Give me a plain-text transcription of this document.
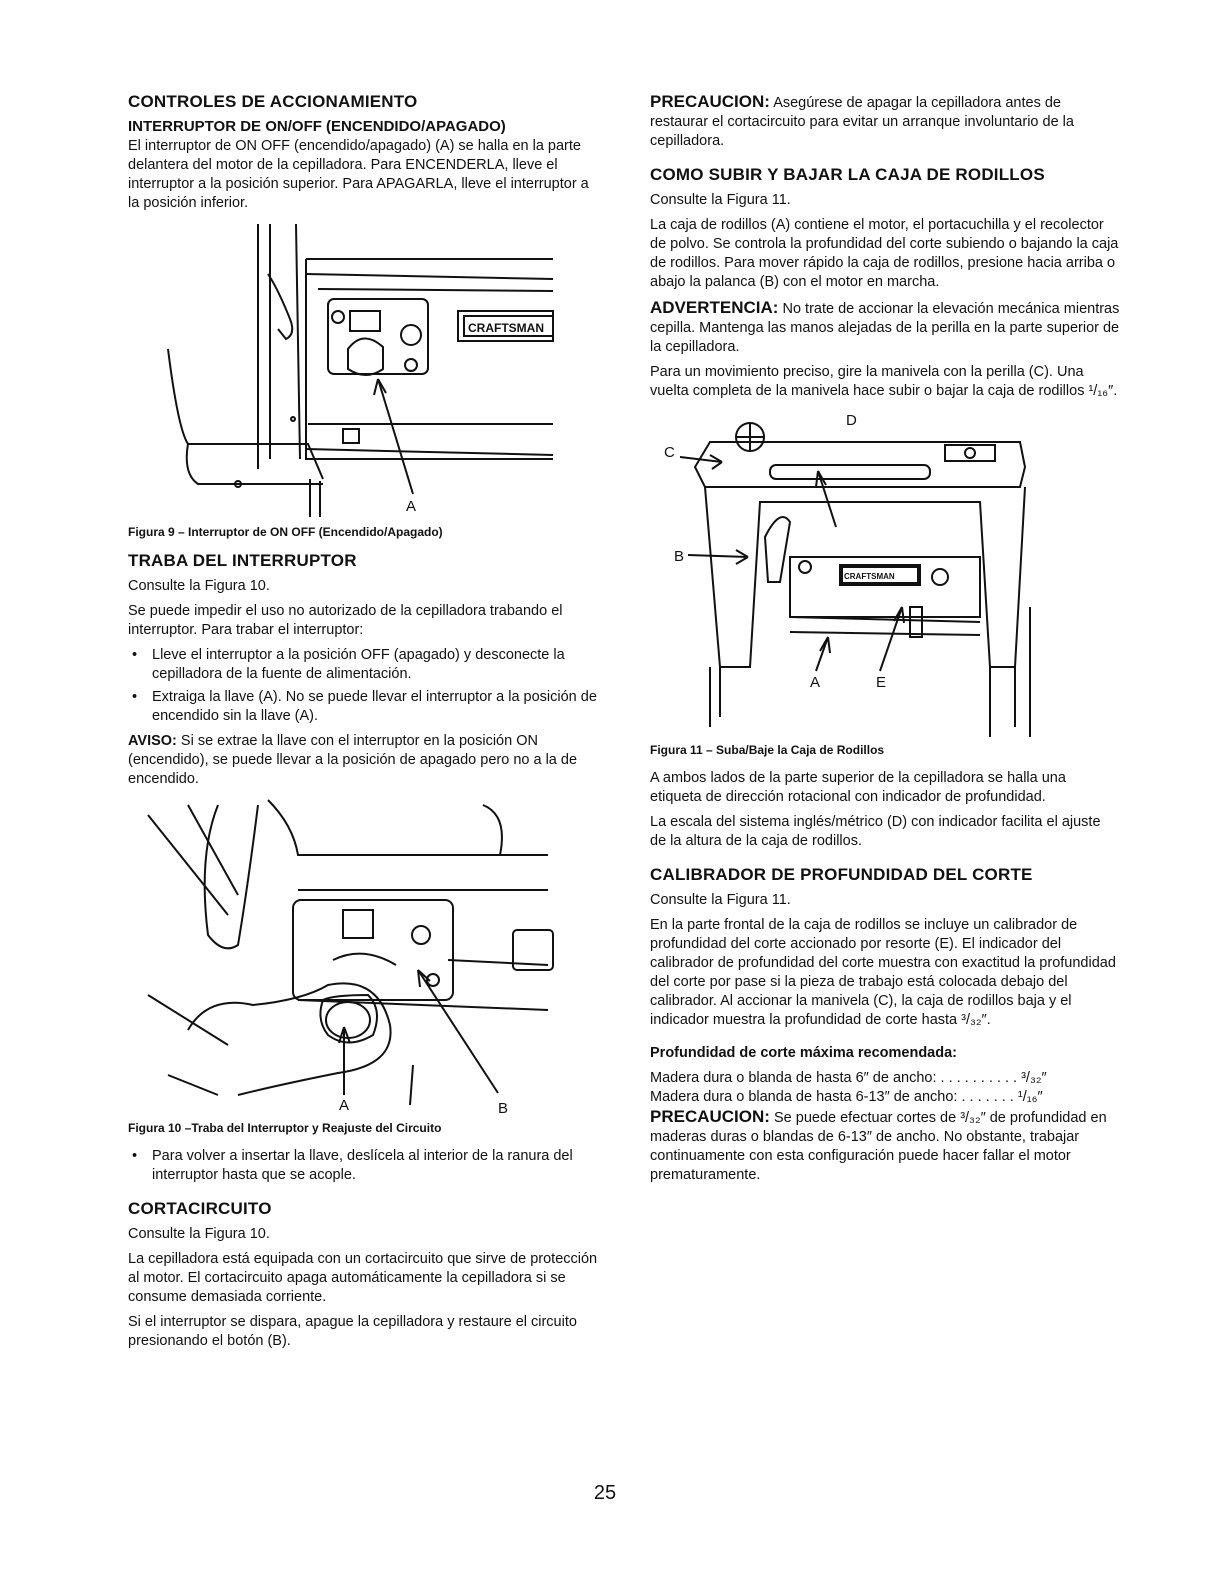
CONTROLES DE ACCIONAMIENTO
INTERRUPTOR DE ON/OFF (ENCENDIDO/APAGADO)

El interruptor de ON OFF (encendido/apagado) (A) se halla en la parte delantera del motor de la cepilladora. Para ENCENDERLA, lleve el interruptor a la posición superior. Para APAGARLA, lleve el interruptor a la posición inferior.

CRAFTSMAN
A
Figura 9 – Interruptor de ON OFF (Encendido/Apagado)
TRABA DEL INTERRUPTOR

Consulte la Figura 10.

Se puede impedir el uso no autorizado de la cepilladora trabando el interruptor. Para trabar el interruptor:

• Lleve el interruptor a la posición OFF (apagado) y desconecte la cepilladora de la fuente de alimentación.
• Extraiga la llave (A). No se puede llevar el interruptor a la posición de encendido sin la llave (A).

AVISO: Si se extrae la llave con el interruptor en la posición ON (encendido), se puede llevar a la posición de apagado pero no a la de encendido.

A	B
Figura 10 –Traba del Interruptor y Reajuste del Circuito
• Para volver a insertar la llave, deslícela al interior de la ranura del interruptor hasta que se acople.
CORTACIRCUITO

Consulte la Figura 10.

La cepilladora está equipada con un cortacircuito que sirve de protección al motor. El cortacircuito apaga automáticamente la cepilladora si se consume demasiada corriente.

Si el interruptor se dispara, apague la cepilladora y restaure el circuito presionando el botón (B).

PRECAUCION: Asegúrese de apagar la cepilladora antes de restaurar el cortacircuito para evitar un arranque involuntario de la cepilladora.

COMO SUBIR Y BAJAR LA CAJA DE RODILLOS

Consulte la Figura 11.

La caja de rodillos (A) contiene el motor, el portacuchilla y el recolector de polvo. Se controla la profundidad del corte subiendo o bajando la caja de rodillos. Para mover rápido la caja de rodillos, presione hacia arriba o abajo la palanca (B) con el motor en marcha.

ADVERTENCIA: No trate de accionar la elevación mecánica mientras cepilla. Mantenga las manos alejadas de la perilla en la parte superior de la cepilladora.

Para un movimiento preciso, gire la manivela con la perilla (C). Una vuelta completa de la manivela hace subir o bajar la caja de rodillos ¹/₁₆″.

CRAFTSMAN
C
D
B
A	E
Figura 11 – Suba/Baje la Caja de Rodillos

A ambos lados de la parte superior de la cepilladora se halla una etiqueta de dirección rotacional con indicador de profundidad.

La escala del sistema inglés/métrico (D) con indicador facilita el ajuste de la altura de la caja de rodillos.

CALIBRADOR DE PROFUNDIDAD DEL CORTE

Consulte la Figura 11.

En la parte frontal de la caja de rodillos se incluye un calibrador de profundidad del corte accionado por resorte (E). El indicador del calibrador de profundidad del corte muestra con exactitud la profundidad del corte por pase si la pieza de trabajo está colocada debajo del calibrador. Al accionar la manivela (C), la caja de rodillos baja y el indicador muestra la profundidad de corte hasta ³/₃₂″.

Profundidad de corte máxima recomendada:

Madera dura o blanda de hasta 6″ de ancho: . . . . . . . . . . ³/₃₂″

Madera dura o blanda de hasta 6-13″ de ancho: . . . . . . . ¹/₁₆″

PRECAUCION: Se puede efectuar cortes de ³/₃₂″ de profundidad en maderas duras o blandas de 6-13″ de ancho. No obstante, trabajar continuamente con esta configuración puede hacer fallar el motor prematuramente.

25
